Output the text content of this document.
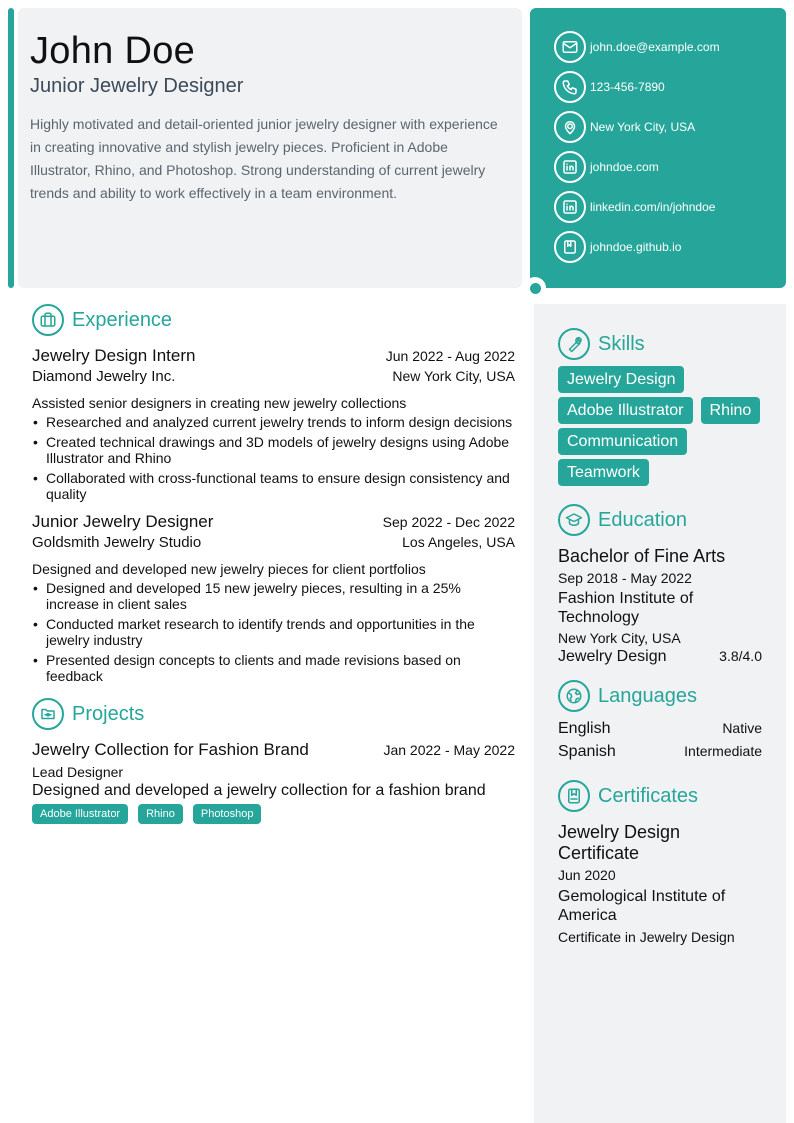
John Doe
Junior Jewelry Designer

Highly motivated and detail-oriented junior jewelry designer with experience in creating innovative and stylish jewelry pieces. Proficient in Adobe Illustrator, Rhino, and Photoshop. Strong understanding of current jewelry trends and ability to work effectively in a team environment.

john.doe@example.com
123-456-7890
New York City, USA
johndoe.com
linkedin.com/in/johndoe
johndoe.github.io
Experience
Jewelry Design Intern	Jun 2022 - Aug 2022
Diamond Jewelry Inc.	New York City, USA
Assisted senior designers in creating new jewelry collections
• Researched and analyzed current jewelry trends to inform design decisions
• Created technical drawings and 3D models of jewelry designs using Adobe Illustrator and Rhino
• Collaborated with cross-functional teams to ensure design consistency and quality
Junior Jewelry Designer	Sep 2022 - Dec 2022
Goldsmith Jewelry Studio	Los Angeles, USA
Designed and developed new jewelry pieces for client portfolios
• Designed and developed 15 new jewelry pieces, resulting in a 25% increase in client sales
• Conducted market research to identify trends and opportunities in the jewelry industry
• Presented design concepts to clients and made revisions based on feedback
Projects
Jewelry Collection for Fashion Brand	Jan 2022 - May 2022
Lead Designer
Designed and developed a jewelry collection for a fashion brand
Adobe Illustrator	Rhino	Photoshop
Skills
Jewelry Design
Adobe Illustrator	Rhino
Communication
Teamwork
Education
Bachelor of Fine Arts
Sep 2018 - May 2022
Fashion Institute of Technology
New York City, USA
Jewelry Design	3.8/4.0
Languages
English	Native
Spanish	Intermediate
Certificates
Jewelry Design Certificate
Jun 2020
Gemological Institute of America
Certificate in Jewelry Design
